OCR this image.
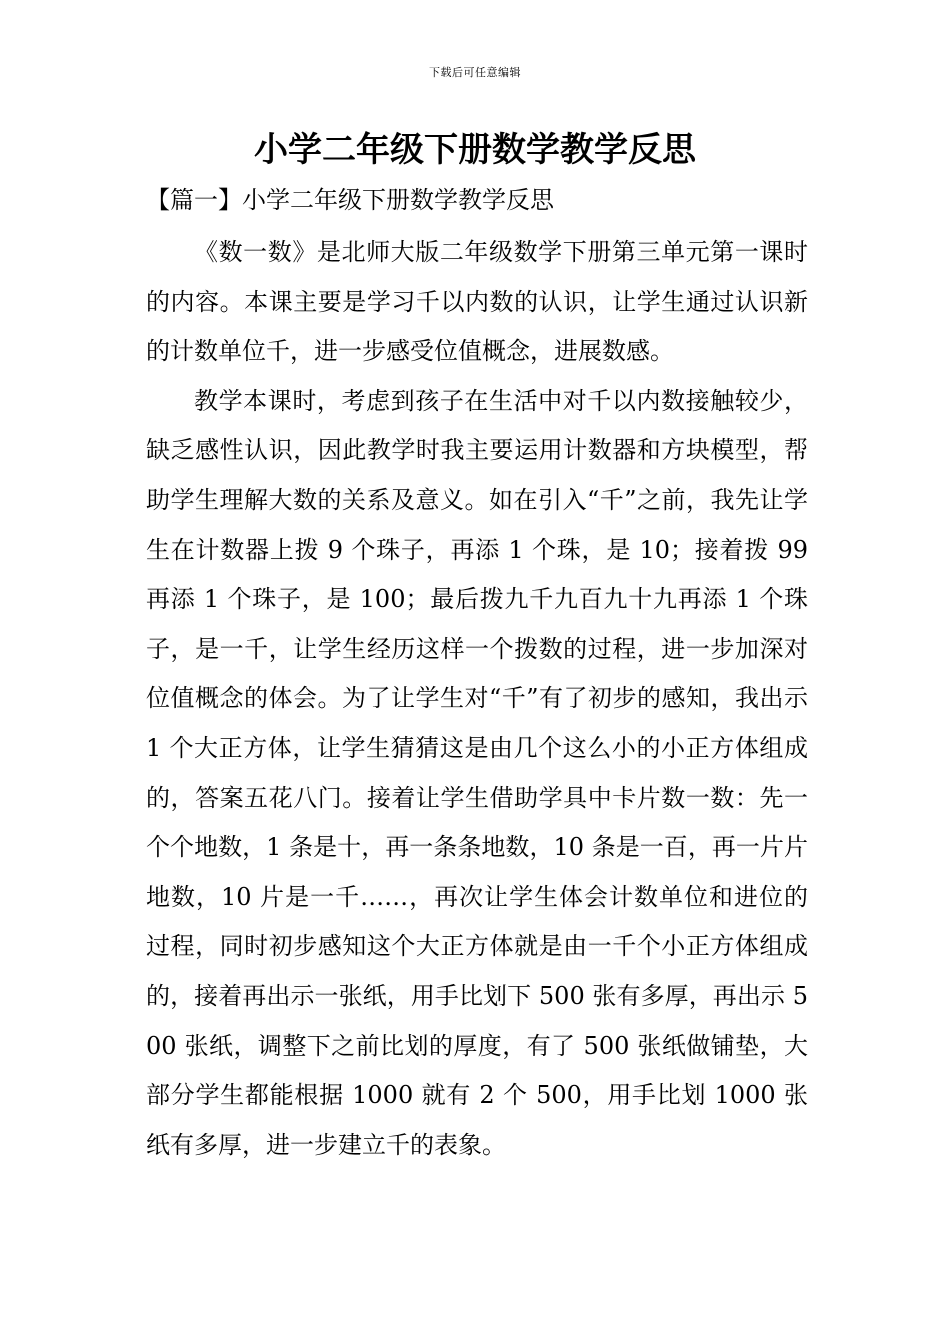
下载后可任意编辑
小学二年级下册数学教学反思
【篇一】小学二年级下册数学教学反思

《数一数》是北师大版二年级数学下册第三单元第一课时的内容。本课主要是学习千以内数的认识，让学生通过认识新的计数单位千，进一步感受位值概念，进展数感。

教学本课时，考虑到孩子在生活中对千以内数接触较少，缺乏感性认识，因此教学时我主要运用计数器和方块模型，帮助学生理解大数的关系及意义。如在引入“千”之前，我先让学生在计数器上拨 9 个珠子，再添 1 个珠，是 10；接着拨 99 再添 1 个珠子，是 100；最后拨九千九百九十九再添 1 个珠子，是一千，让学生经历这样一个拨数的过程，进一步加深对位值概念的体会。为了让学生对“千”有了初步的感知，我出示 1 个大正方体，让学生猜猜这是由几个这么小的小正方体组成的，答案五花八门。接着让学生借助学具中卡片数一数：先一个个地数，1 条是十，再一条条地数，10 条是一百，再一片片地数，10 片是一千……，再次让学生体会计数单位和进位的过程，同时初步感知这个大正方体就是由一千个小正方体组成的，接着再出示一张纸，用手比划下 500 张有多厚，再出示 500 张纸，调整下之前比划的厚度，有了 500 张纸做铺垫，大部分学生都能根据 1000 就有 2 个 500，用手比划 1000 张纸有多厚，进一步建立千的表象。
